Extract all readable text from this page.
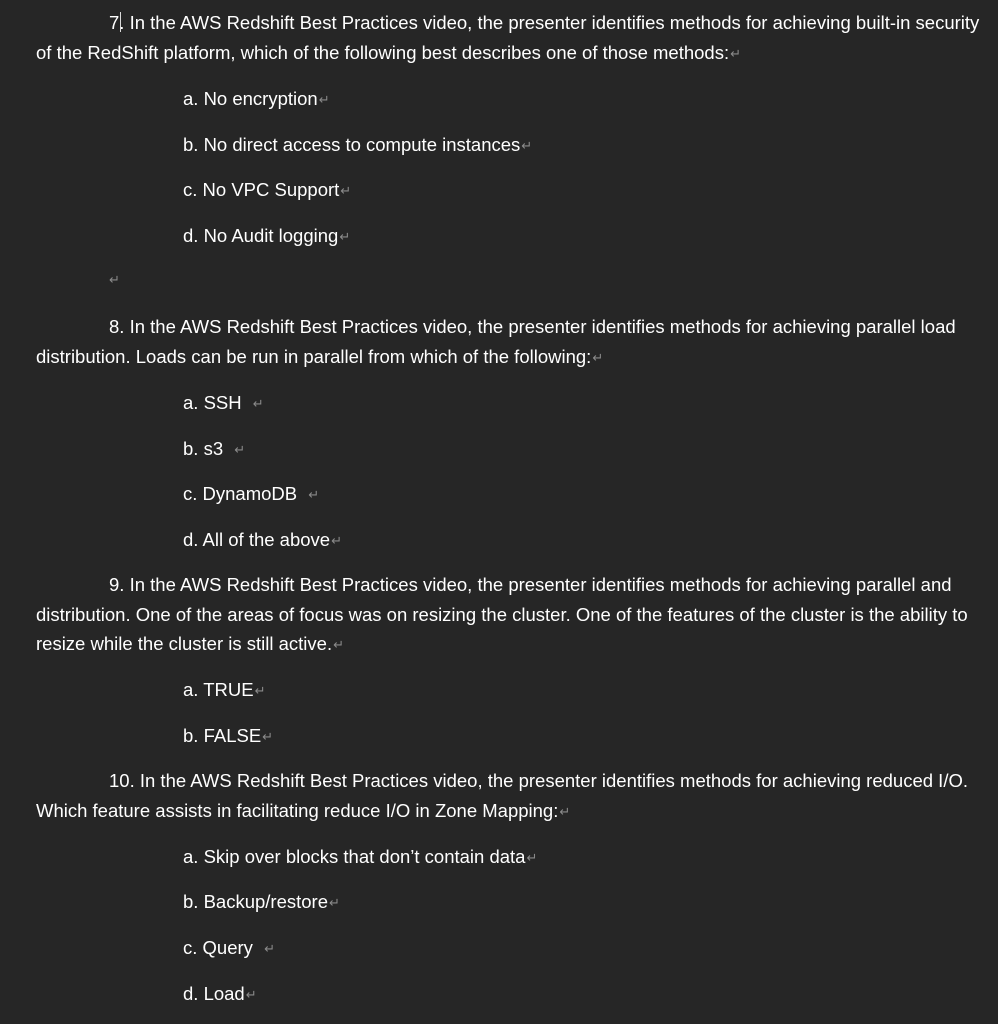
7. In the AWS Redshift Best Practices video, the presenter identifies methods for achieving built-in security of the RedShift platform, which of the following best describes one of those methods:↵
a. No encryption↵
b. No direct access to compute instances↵
c. No VPC Support↵
d. No Audit logging↵
↵
8. In the AWS Redshift Best Practices video, the presenter identifies methods for achieving parallel load distribution. Loads can be run in parallel from which of the following:↵
a. SSH ↵
b. s3 ↵
c. DynamoDB ↵
d. All of the above↵
9. In the AWS Redshift Best Practices video, the presenter identifies methods for achieving parallel and distribution. One of the areas of focus was on resizing the cluster. One of the features of the cluster is the ability to resize while the cluster is still active.↵
a. TRUE↵
b. FALSE↵
10. In the AWS Redshift Best Practices video, the presenter identifies methods for achieving reduced I/O. Which feature assists in facilitating reduce I/O in Zone Mapping:↵
a. Skip over blocks that don’t contain data↵
b. Backup/restore↵
c. Query ↵
d. Load↵
